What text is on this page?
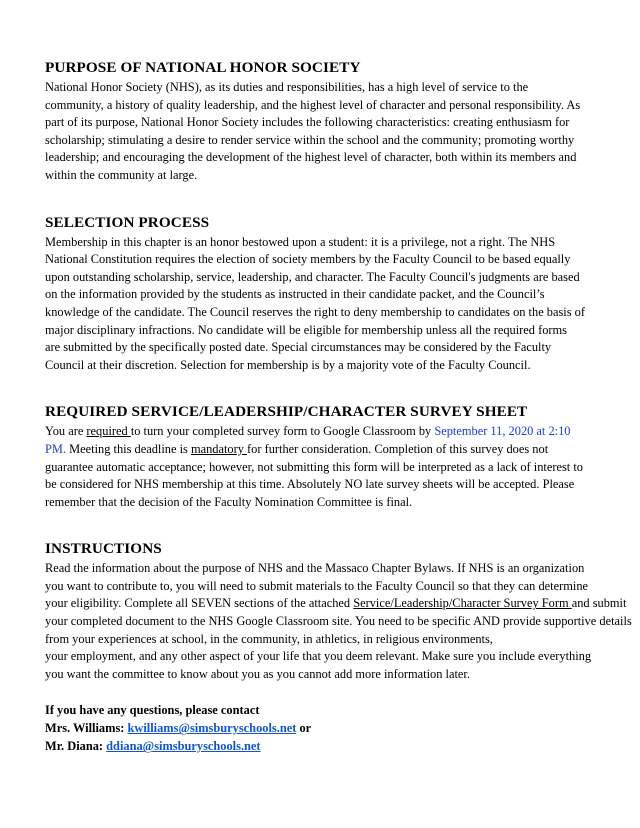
PURPOSE OF NATIONAL HONOR SOCIETY

National Honor Society (NHS), as its duties and responsibilities, has a high level of service to the
community, a history of quality leadership, and the highest level of character and personal responsibility. As
part of its purpose, National Honor Society includes the following characteristics: creating enthusiasm for
scholarship; stimulating a desire to render service within the school and the community; promoting worthy
leadership; and encouraging the development of the highest level of character, both within its members and
within the community at large.

SELECTION PROCESS

Membership in this chapter is an honor bestowed upon a student: it is a privilege, not a right. The NHS
National Constitution requires the election of society members by the Faculty Council to be based equally
upon outstanding scholarship, service, leadership, and character. The Faculty Council's judgments are based
on the information provided by the students as instructed in their candidate packet, and the Council’s
knowledge of the candidate. The Council reserves the right to deny membership to candidates on the basis of
major disciplinary infractions. No candidate will be eligible for membership unless all the required forms
are submitted by the specifically posted date. Special circumstances may be considered by the Faculty
Council at their discretion. Selection for membership is by a majority vote of the Faculty Council.

REQUIRED SERVICE/LEADERSHIP/CHARACTER SURVEY SHEET

You are required to turn your completed survey form to Google Classroom by September 11, 2020 at 2:10
PM. Meeting this deadline is mandatory for further consideration. Completion of this survey does not
guarantee automatic acceptance; however, not submitting this form will be interpreted as a lack of interest to
be considered for NHS membership at this time. Absolutely NO late survey sheets will be accepted. Please
remember that the decision of the Faculty Nomination Committee is final.

INSTRUCTIONS

Read the information about the purpose of NHS and the Massaco Chapter Bylaws. If NHS is an organization
you want to contribute to, you will need to submit materials to the Faculty Council so that they can determine
your eligibility. Complete all SEVEN sections of the attached Service/Leadership/Character Survey Form and submit
your completed document to the NHS Google Classroom site. You need to be specific AND provide supportive details
from your experiences at school, in the community, in athletics, in religious environments,
your employment, and any other aspect of your life that you deem relevant. Make sure you include everything
you want the committee to know about you as you cannot add more information later.

If you have any questions, please contact

Mrs. Williams: kwilliams@simsburyschools.net or

Mr. Diana: ddiana@simsburyschools.net
